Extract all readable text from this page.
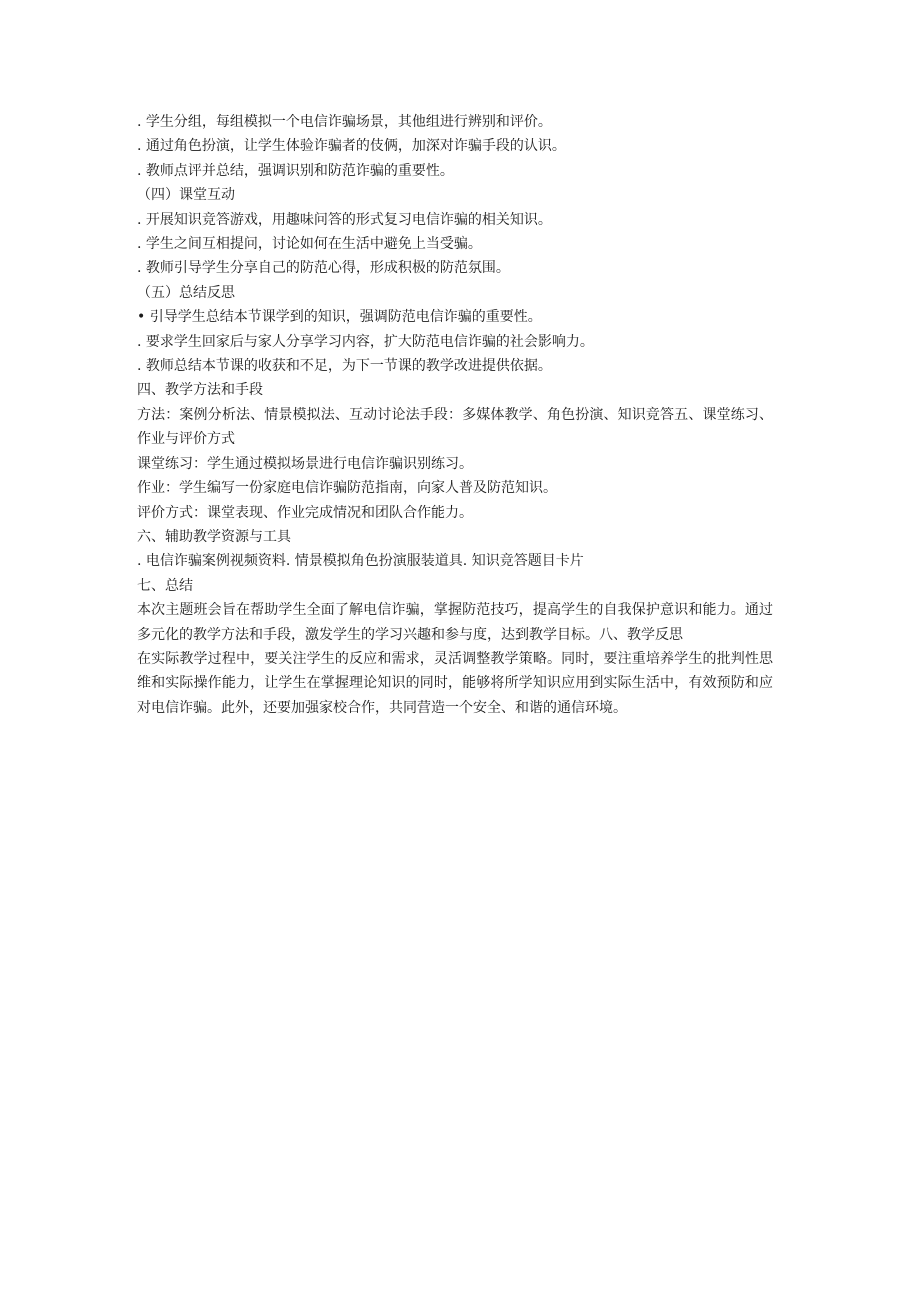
. 学生分组，每组模拟一个电信诈骗场景，其他组进行辨别和评价。

. 通过角色扮演，让学生体验诈骗者的伎俩，加深对诈骗手段的认识。

. 教师点评并总结，强调识别和防范诈骗的重要性。

（四）课堂互动

. 开展知识竞答游戏，用趣味问答的形式复习电信诈骗的相关知识。

. 学生之间互相提问，讨论如何在生活中避免上当受骗。

. 教师引导学生分享自己的防范心得，形成积极的防范氛围。

（五）总结反思

• 引导学生总结本节课学到的知识，强调防范电信诈骗的重要性。

. 要求学生回家后与家人分享学习内容，扩大防范电信诈骗的社会影响力。

. 教师总结本节课的收获和不足，为下一节课的教学改进提供依据。

四、教学方法和手段

方法：案例分析法、情景模拟法、互动讨论法手段：多媒体教学、角色扮演、知识竞答五、课堂练习、作业与评价方式

课堂练习：学生通过模拟场景进行电信诈骗识别练习。

作业：学生编写一份家庭电信诈骗防范指南，向家人普及防范知识。

评价方式：课堂表现、作业完成情况和团队合作能力。

六、辅助教学资源与工具

. 电信诈骗案例视频资料. 情景模拟角色扮演服装道具. 知识竞答题目卡片

七、总结

本次主题班会旨在帮助学生全面了解电信诈骗，掌握防范技巧，提高学生的自我保护意识和能力。通过多元化的教学方法和手段，激发学生的学习兴趣和参与度，达到教学目标。八、教学反思

在实际教学过程中，要关注学生的反应和需求，灵活调整教学策略。同时，要注重培养学生的批判性思维和实际操作能力，让学生在掌握理论知识的同时，能够将所学知识应用到实际生活中，有效预防和应对电信诈骗。此外，还要加强家校合作，共同营造一个安全、和谐的通信环境。
